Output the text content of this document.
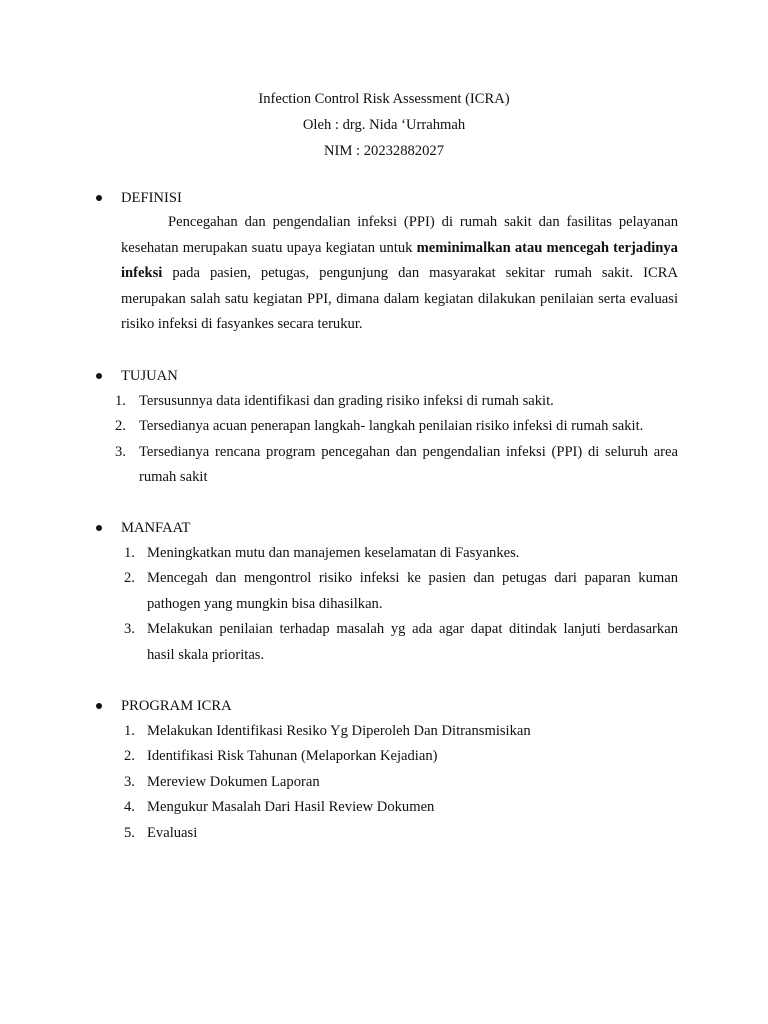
Infection Control Risk Assessment (ICRA)
Oleh : drg. Nida ‘Urrahmah
NIM : 20232882027
DEFINISI
Pencegahan dan pengendalian infeksi (PPI) di rumah sakit dan fasilitas pelayanan kesehatan merupakan suatu upaya kegiatan untuk meminimalkan atau mencegah terjadinya infeksi pada pasien, petugas, pengunjung dan masyarakat sekitar rumah sakit. ICRA merupakan salah satu kegiatan PPI, dimana dalam kegiatan dilakukan penilaian serta evaluasi risiko infeksi di fasyankes secara terukur.
TUJUAN
1. Tersusunnya data identifikasi dan grading risiko infeksi di rumah sakit.
2. Tersedianya acuan penerapan langkah- langkah penilaian risiko infeksi di rumah sakit.
3. Tersedianya rencana program pencegahan dan pengendalian infeksi (PPI) di seluruh area rumah sakit
MANFAAT
1. Meningkatkan mutu dan manajemen keselamatan di Fasyankes.
2. Mencegah dan mengontrol risiko infeksi ke pasien dan petugas dari paparan kuman pathogen yang mungkin bisa dihasilkan.
3. Melakukan penilaian terhadap masalah yg ada agar dapat ditindak lanjuti berdasarkan hasil skala prioritas.
PROGRAM ICRA
1. Melakukan Identifikasi Resiko Yg Diperoleh Dan Ditransmisikan
2. Identifikasi Risk Tahunan (Melaporkan Kejadian)
3. Mereview Dokumen Laporan
4. Mengukur Masalah Dari Hasil Review Dokumen
5. Evaluasi
